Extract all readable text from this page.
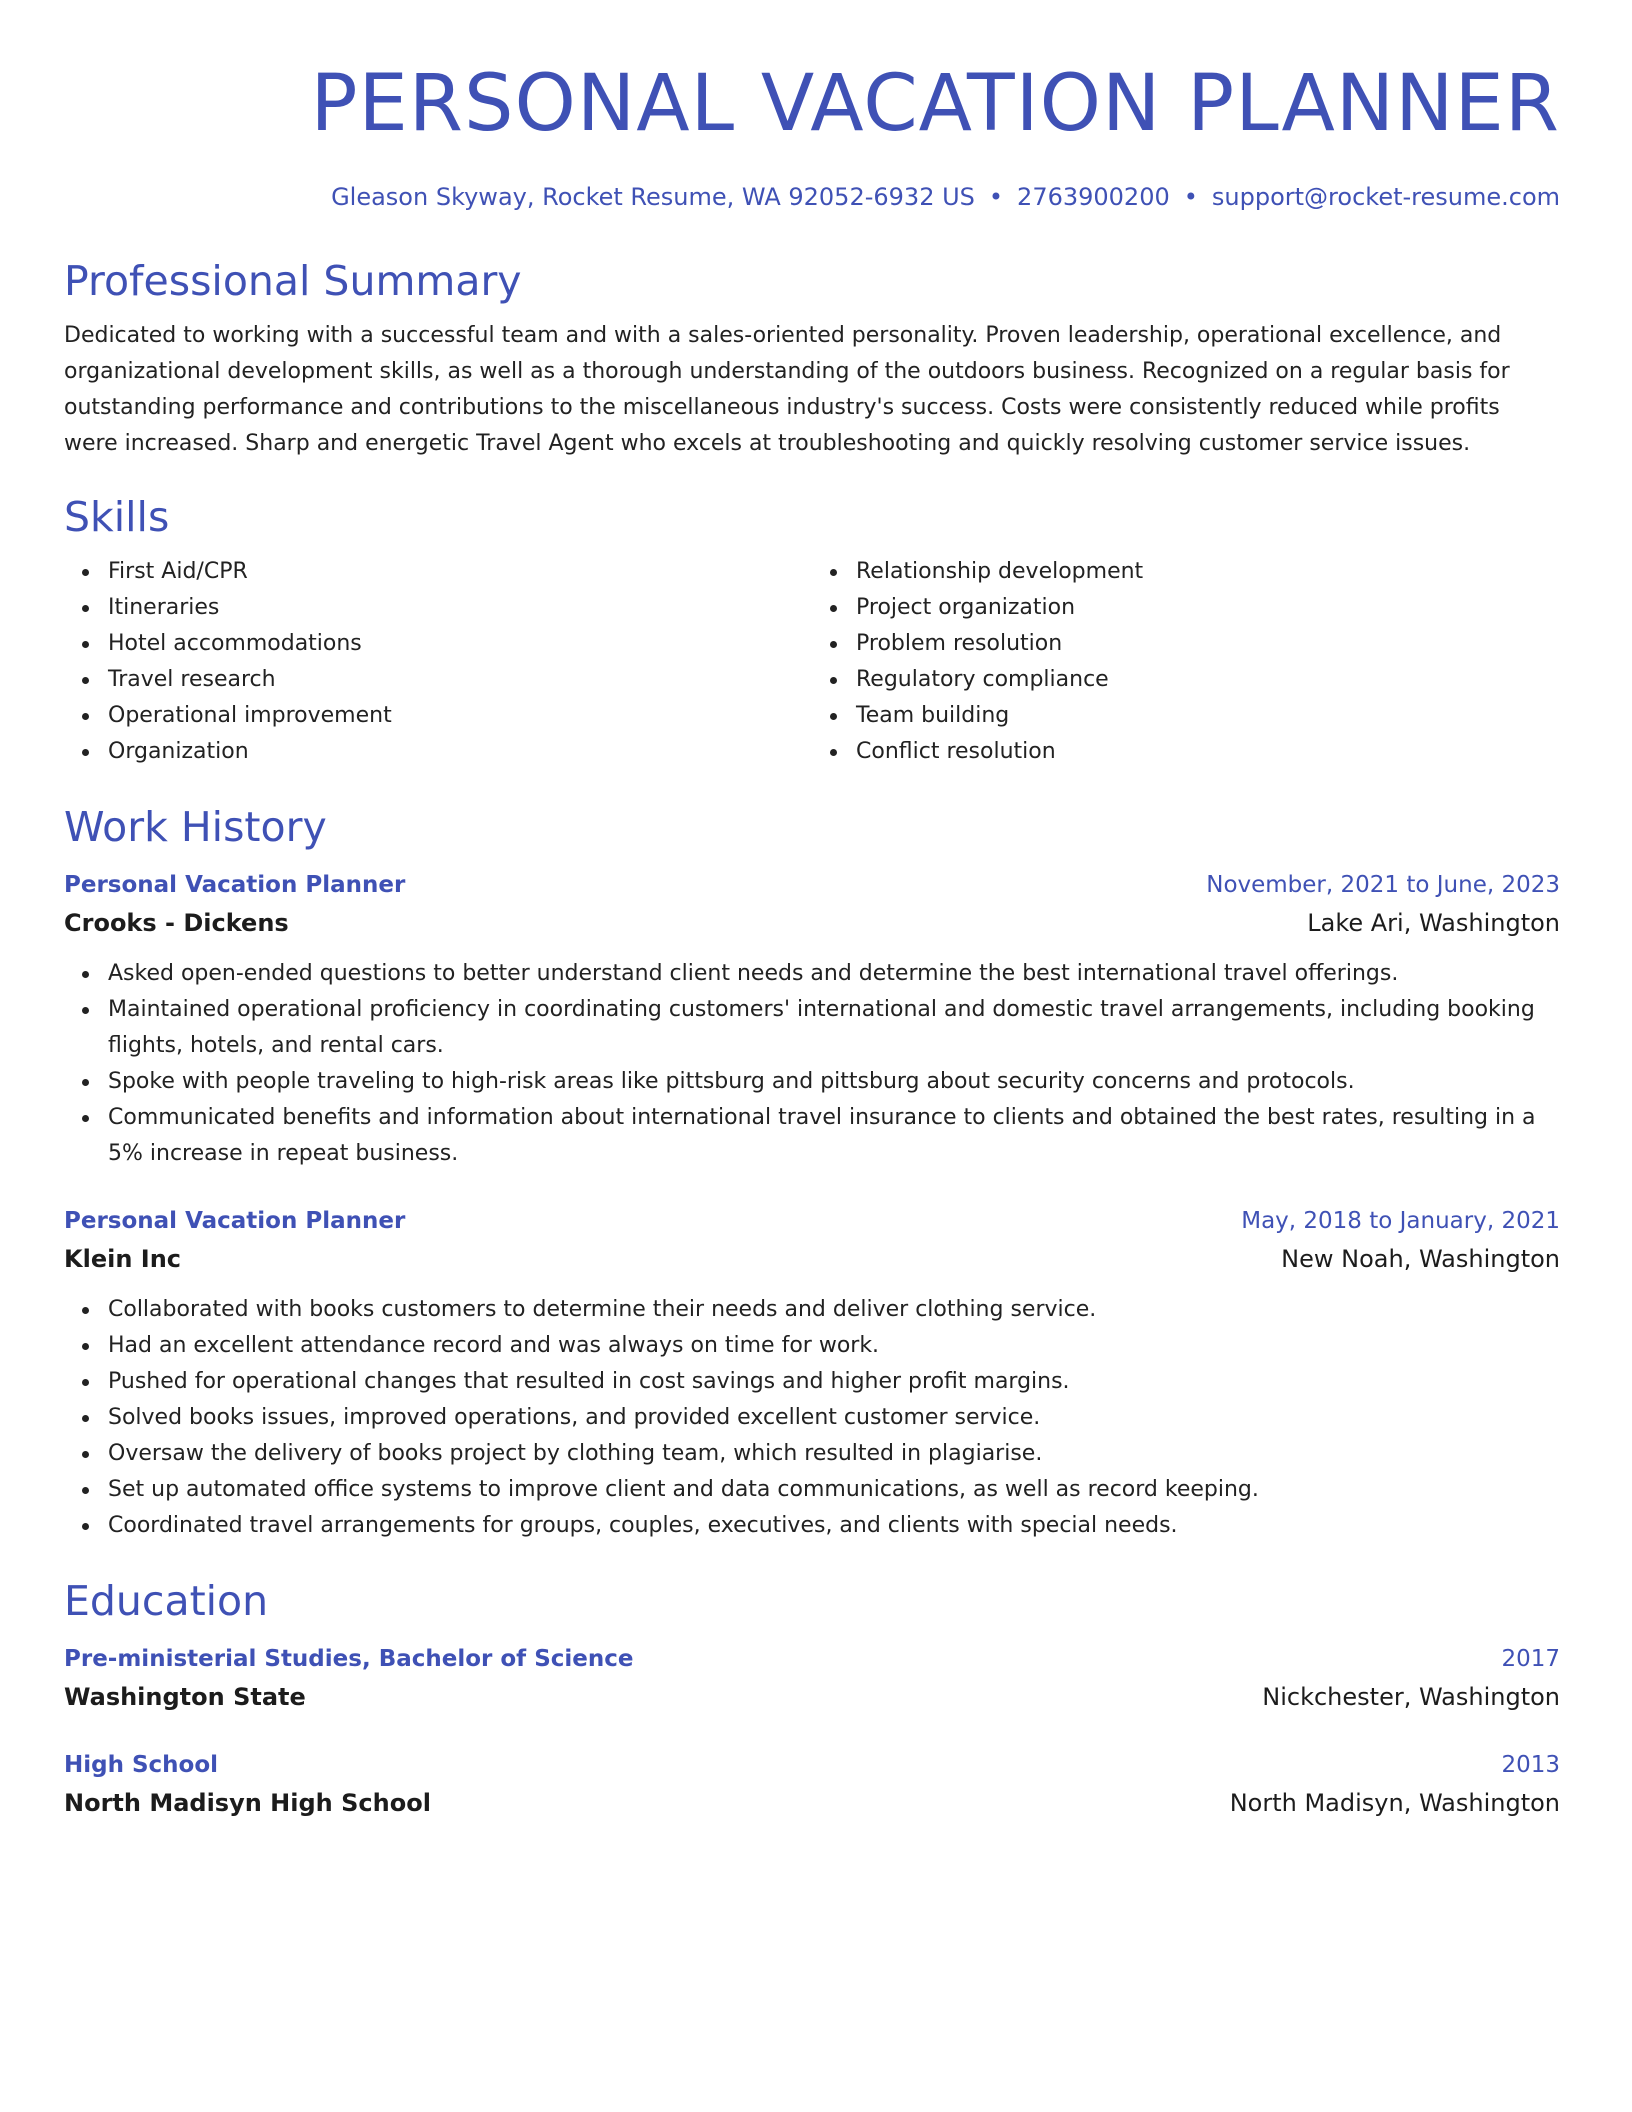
PERSONAL VACATION PLANNER
Gleason Skyway, Rocket Resume, WA 92052-6932 US • 2763900200 • support@rocket-resume.com
Professional Summary

Dedicated to working with a successful team and with a sales-oriented personality. Proven leadership, operational excellence, and organizational development skills, as well as a thorough understanding of the outdoors business. Recognized on a regular basis for outstanding performance and contributions to the miscellaneous industry's success. Costs were consistently reduced while profits were increased. Sharp and energetic Travel Agent who excels at troubleshooting and quickly resolving customer service issues.

Skills
First Aid/CPR
Itineraries
Hotel accommodations
Travel research
Operational improvement
Organization
Relationship development
Project organization
Problem resolution
Regulatory compliance
Team building
Conflict resolution
Work History
Personal Vacation Planner	November, 2021 to June, 2023
Crooks - Dickens	Lake Ari, Washington
Asked open-ended questions to better understand client needs and determine the best international travel offerings.
Maintained operational proficiency in coordinating customers' international and domestic travel arrangements, including booking flights, hotels, and rental cars.
Spoke with people traveling to high-risk areas like pittsburg and pittsburg about security concerns and protocols.
Communicated benefits and information about international travel insurance to clients and obtained the best rates, resulting in a 5% increase in repeat business.
Personal Vacation Planner	May, 2018 to January, 2021
Klein Inc	New Noah, Washington
Collaborated with books customers to determine their needs and deliver clothing service.
Had an excellent attendance record and was always on time for work.
Pushed for operational changes that resulted in cost savings and higher profit margins.
Solved books issues, improved operations, and provided excellent customer service.
Oversaw the delivery of books project by clothing team, which resulted in plagiarise.
Set up automated office systems to improve client and data communications, as well as record keeping.
Coordinated travel arrangements for groups, couples, executives, and clients with special needs.
Education
Pre-ministerial Studies, Bachelor of Science	2017
Washington State	Nickchester, Washington
High School	2013
North Madisyn High School	North Madisyn, Washington
